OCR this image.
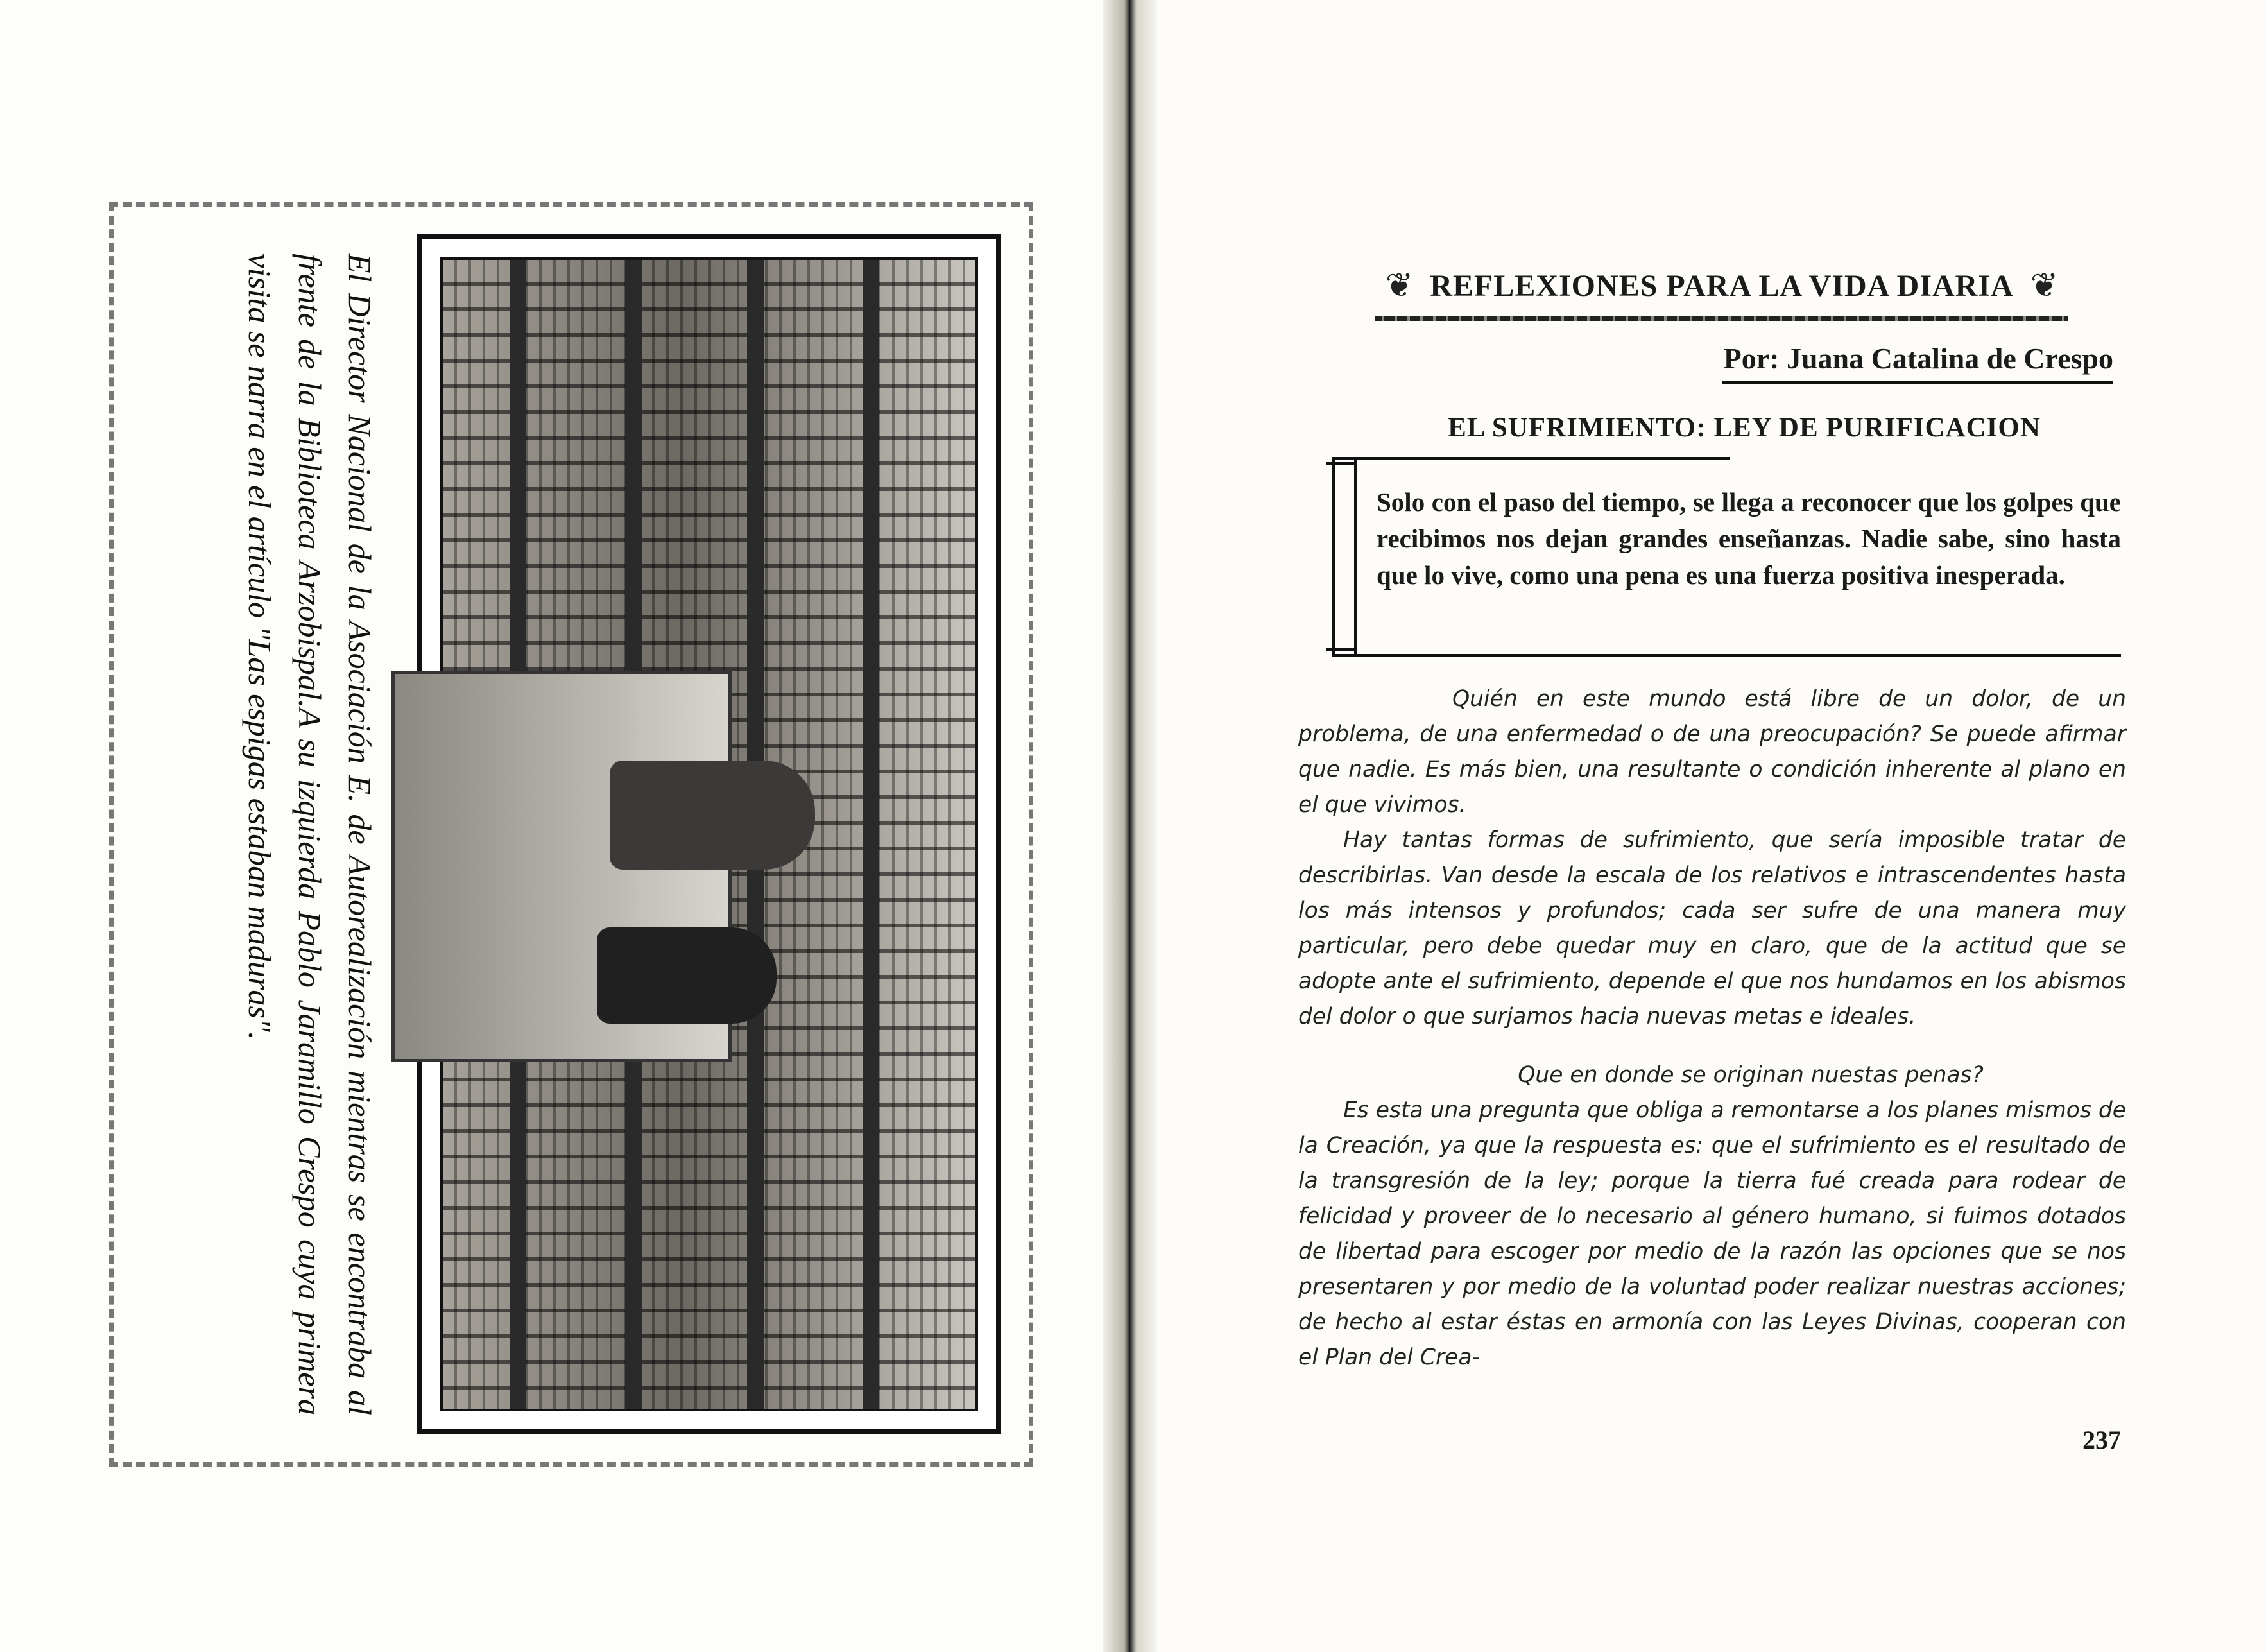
El Director Nacional de la Asociación E. de Autorealización mientras se encontraba al frente de la Biblioteca Arzobispal.A su izquierda Pablo Jaramillo Crespo cuya primera visita se narra en el artículo "Las espigas estaban maduras".	❦ REFLEXIONES PARA LA VIDA DIARIA ❦
Por: Juana Catalina de Crespo
EL SUFRIMIENTO: LEY DE PURIFICACION
Solo con el paso del tiempo, se llega a reconocer que los golpes que recibimos nos dejan grandes enseñanzas. Nadie sabe, sino hasta que lo vive, como una pena es una fuerza positiva inesperada.

Quién en este mundo está libre de un dolor, de un problema, de una enfermedad o de una preocupación? Se puede afirmar que nadie. Es más bien, una resultante o condición inherente al plano en el que vivimos.

Hay tantas formas de sufrimiento, que sería imposible tratar de describirlas. Van desde la escala de los relativos e intrascendentes hasta los más intensos y profundos; cada ser sufre de una manera muy particular, pero debe quedar muy en claro, que de la actitud que se adopte ante el sufrimiento, depende el que nos hundamos en los abismos del dolor o que surjamos hacia nuevas metas e ideales.

Que en donde se originan nuestas penas?

Es esta una pregunta que obliga a remontarse a los planes mismos de la Creación, ya que la respuesta es: que el sufrimiento es el resultado de la transgresión de la ley; porque la tierra fué creada para rodear de felicidad y proveer de lo necesario al género humano, si fuimos dotados de libertad para escoger por medio de la razón las opciones que se nos presentaren y por medio de la voluntad poder realizar nuestras acciones; de hecho al estar éstas en armonía con las Leyes Divinas, cooperan con el Plan del Crea-

237
